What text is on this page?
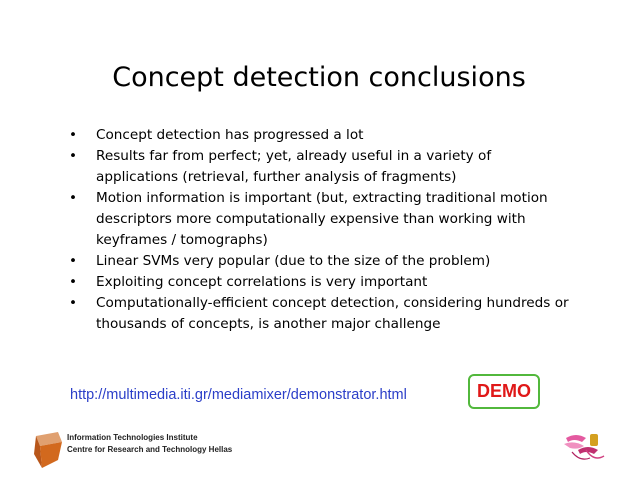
Concept detection conclusions
• Concept detection has progressed a lot
• Results far from perfect; yet, already useful in a variety of applications (retrieval, further analysis of fragments)
• Motion information is important (but, extracting traditional motion descriptors more computationally expensive than working with keyframes / tomographs)
• Linear SVMs very popular (due to the size of the problem)
• Exploiting concept correlations is very important
• Computationally-efficient concept detection, considering hundreds or thousands of concepts, is another major challenge
http://multimedia.iti.gr/mediamixer/demonstrator.html	DEMO
Information Technologies Institute
Centre for Research and Technology Hellas
